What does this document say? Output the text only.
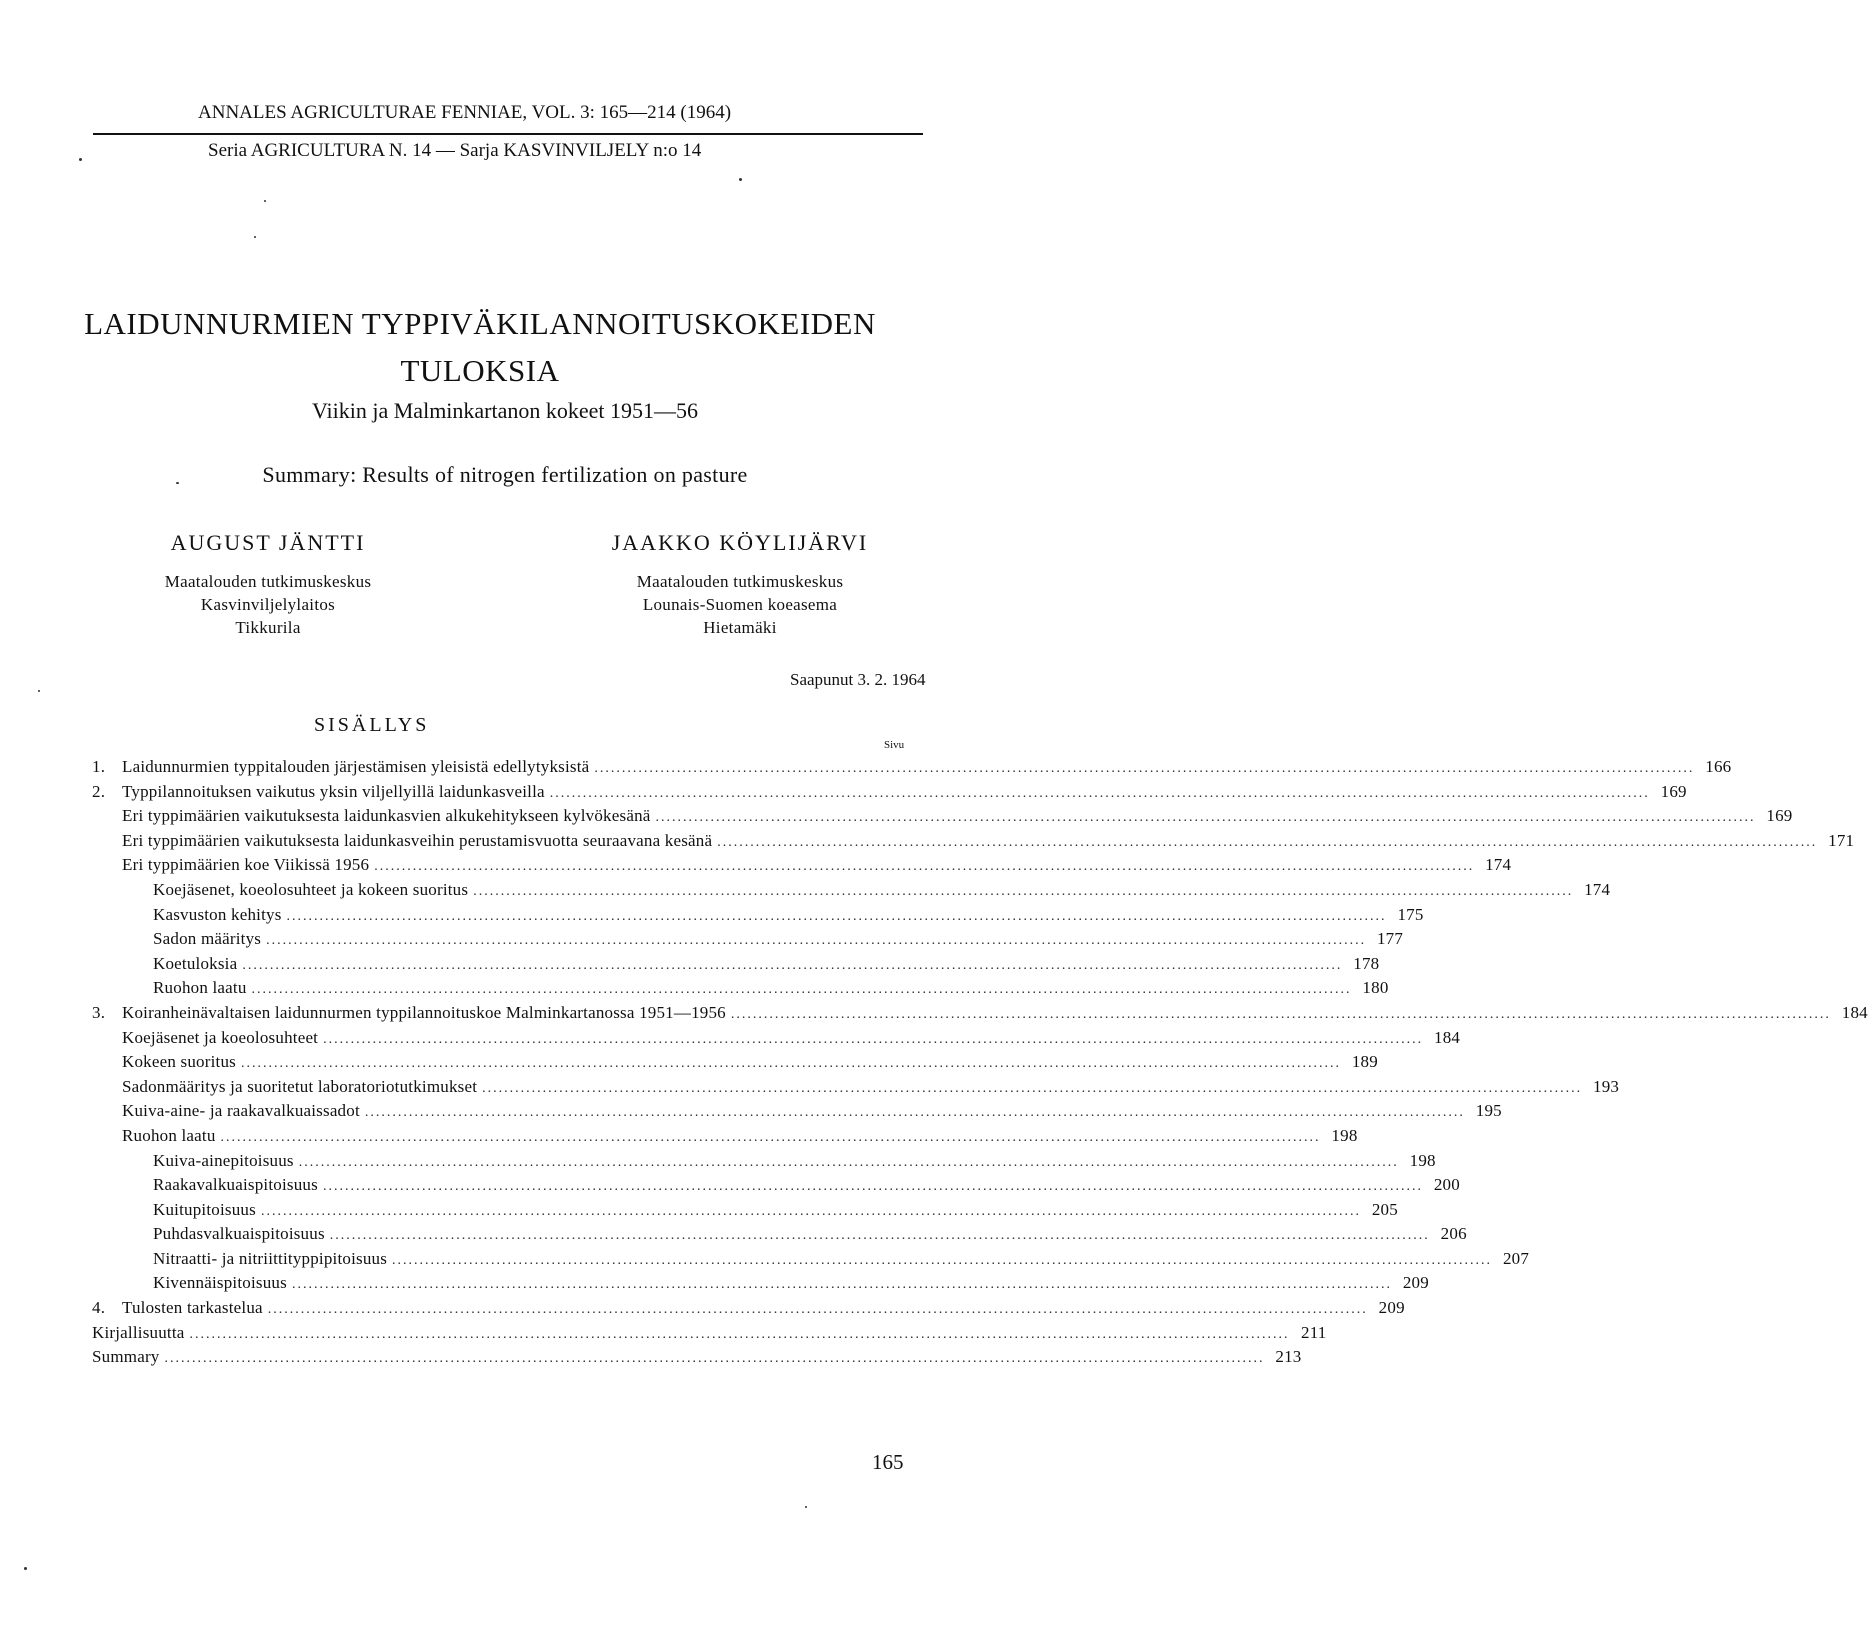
ANNALES AGRICULTURAE FENNIAE, VOL. 3: 165—214 (1964)
Seria AGRICULTURA N. 14 — Sarja KASVINVILJELY n:o 14
LAIDUNNURMIEN TYPPIVÄKILANNOITUSKOKEIDEN
TULOKSIA
Viikin ja Malminkartanon kokeet 1951—56
Summary: Results of nitrogen fertilization on pasture
AUGUST JÄNTTI
Maatalouden tutkimuskeskus
Kasvinviljelylaitos
Tikkurila
JAAKKO KÖYLIJÄRVI
Maatalouden tutkimuskeskus
Lounais-Suomen koeasema
Hietamäki
Saapunut 3. 2. 1964
SISÄLLYS
Sivu
1. Laidunnurmien typpitalouden järjestämisen yleisistä edellytyksistä ........................................................................................................................................................................................................ 166
2. Typpilannoituksen vaikutus yksin viljellyillä laidunkasveilla ........................................................................................................................................................................................................ 169
Eri typpimäärien vaikutuksesta laidunkasvien alkukehitykseen kylvökesänä ........................................................................................................................................................................................................ 169
Eri typpimäärien vaikutuksesta laidunkasveihin perustamisvuotta seuraavana kesänä ........................................................................................................................................................................................................ 171
Eri typpimäärien koe Viikissä 1956 ........................................................................................................................................................................................................ 174
Koejäsenet, koeolosuhteet ja kokeen suoritus ........................................................................................................................................................................................................ 174
Kasvuston kehitys ........................................................................................................................................................................................................ 175
Sadon määritys ........................................................................................................................................................................................................ 177
Koetuloksia ........................................................................................................................................................................................................ 178
Ruohon laatu ........................................................................................................................................................................................................ 180
3. Koiranheinävaltaisen laidunnurmen typpilannoituskoe Malminkartanossa 1951—1956 ........................................................................................................................................................................................................ 184
Koejäsenet ja koeolosuhteet ........................................................................................................................................................................................................ 184
Kokeen suoritus ........................................................................................................................................................................................................ 189
Sadonmääritys ja suoritetut laboratoriotutkimukset ........................................................................................................................................................................................................ 193
Kuiva-aine- ja raakavalkuaissadot ........................................................................................................................................................................................................ 195
Ruohon laatu ........................................................................................................................................................................................................ 198
Kuiva-ainepitoisuus ........................................................................................................................................................................................................ 198
Raakavalkuaispitoisuus ........................................................................................................................................................................................................ 200
Kuitupitoisuus ........................................................................................................................................................................................................ 205
Puhdasvalkuaispitoisuus ........................................................................................................................................................................................................ 206
Nitraatti- ja nitriittityppipitoisuus ........................................................................................................................................................................................................ 207
Kivennäispitoisuus ........................................................................................................................................................................................................ 209
4. Tulosten tarkastelua ........................................................................................................................................................................................................ 209
Kirjallisuutta ........................................................................................................................................................................................................ 211
Summary ........................................................................................................................................................................................................ 213
165
